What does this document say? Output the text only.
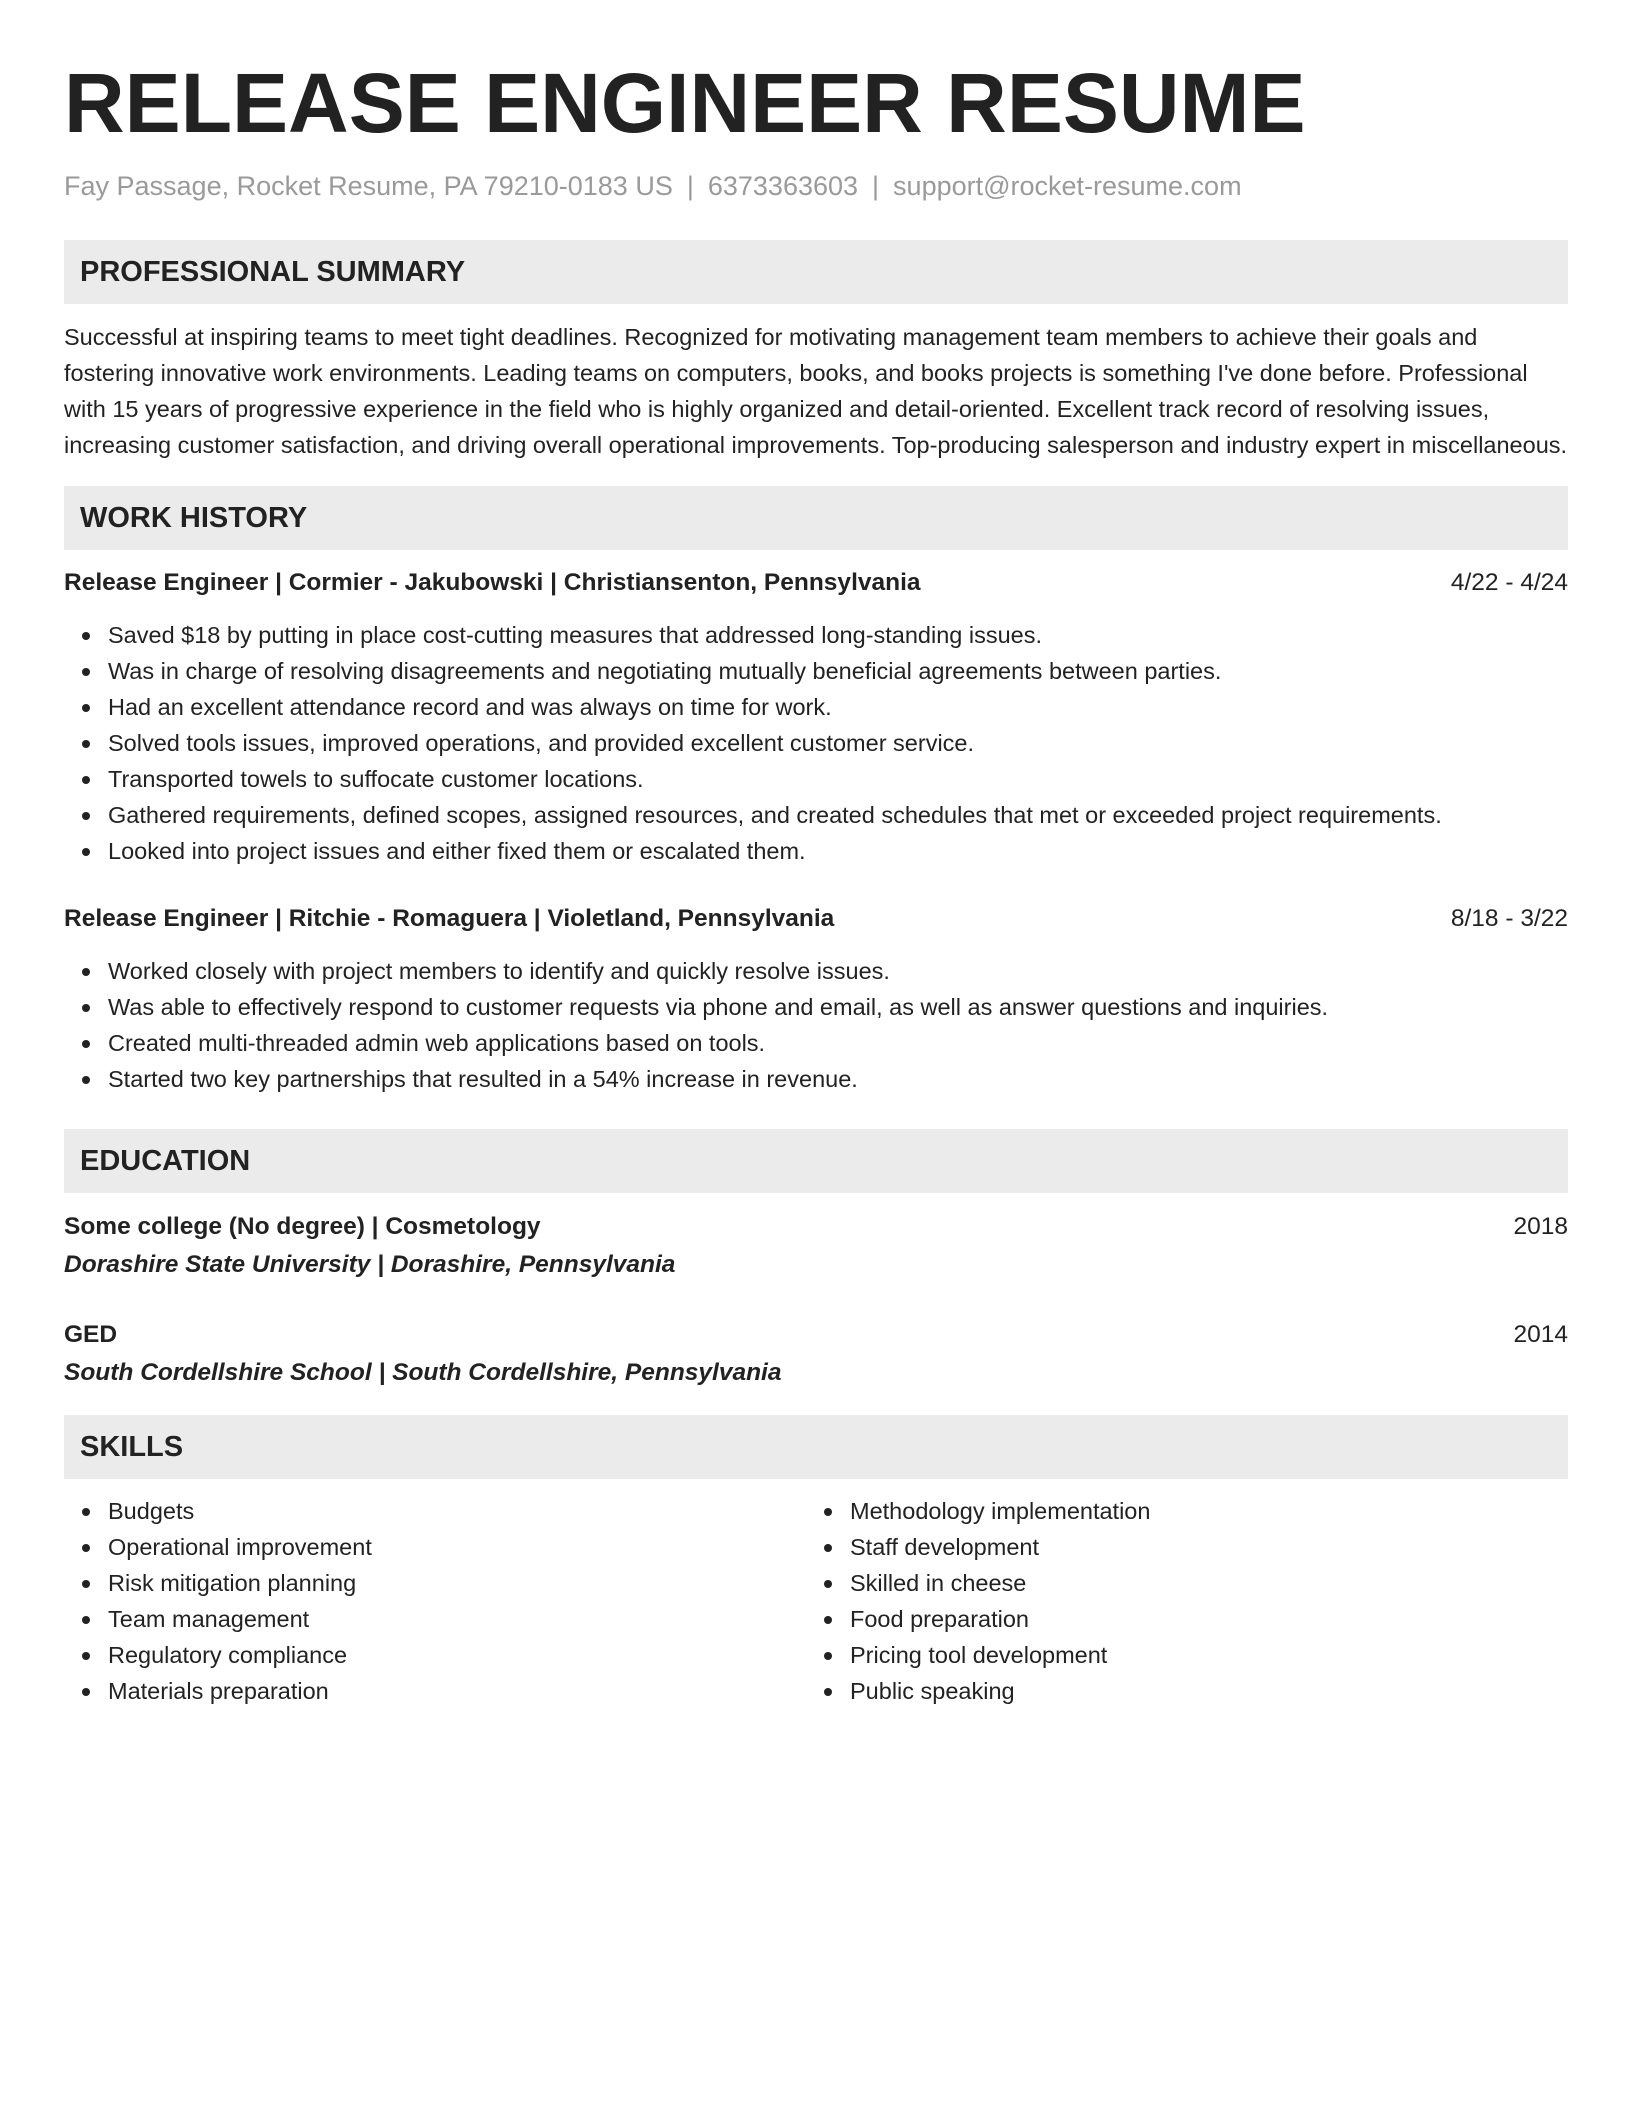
RELEASE ENGINEER RESUME
Fay Passage, Rocket Resume, PA 79210-0183 US | 6373363603 | support@rocket-resume.com
PROFESSIONAL SUMMARY
Successful at inspiring teams to meet tight deadlines. Recognized for motivating management team members to achieve their goals and fostering innovative work environments. Leading teams on computers, books, and books projects is something I've done before. Professional with 15 years of progressive experience in the field who is highly organized and detail-oriented. Excellent track record of resolving issues, increasing customer satisfaction, and driving overall operational improvements. Top-producing salesperson and industry expert in miscellaneous.
WORK HISTORY
Release Engineer | Cormier - Jakubowski | Christiansenton, Pennsylvania	4/22 - 4/24
Saved $18 by putting in place cost-cutting measures that addressed long-standing issues.
Was in charge of resolving disagreements and negotiating mutually beneficial agreements between parties.
Had an excellent attendance record and was always on time for work.
Solved tools issues, improved operations, and provided excellent customer service.
Transported towels to suffocate customer locations.
Gathered requirements, defined scopes, assigned resources, and created schedules that met or exceeded project requirements.
Looked into project issues and either fixed them or escalated them.
Release Engineer | Ritchie - Romaguera | Violetland, Pennsylvania	8/18 - 3/22
Worked closely with project members to identify and quickly resolve issues.
Was able to effectively respond to customer requests via phone and email, as well as answer questions and inquiries.
Created multi-threaded admin web applications based on tools.
Started two key partnerships that resulted in a 54% increase in revenue.
EDUCATION
Some college (No degree) | Cosmetology	2018
Dorashire State University | Dorashire, Pennsylvania
GED	2014
South Cordellshire School | South Cordellshire, Pennsylvania
SKILLS
Budgets
Operational improvement
Risk mitigation planning
Team management
Regulatory compliance
Materials preparation
Methodology implementation
Staff development
Skilled in cheese
Food preparation
Pricing tool development
Public speaking
